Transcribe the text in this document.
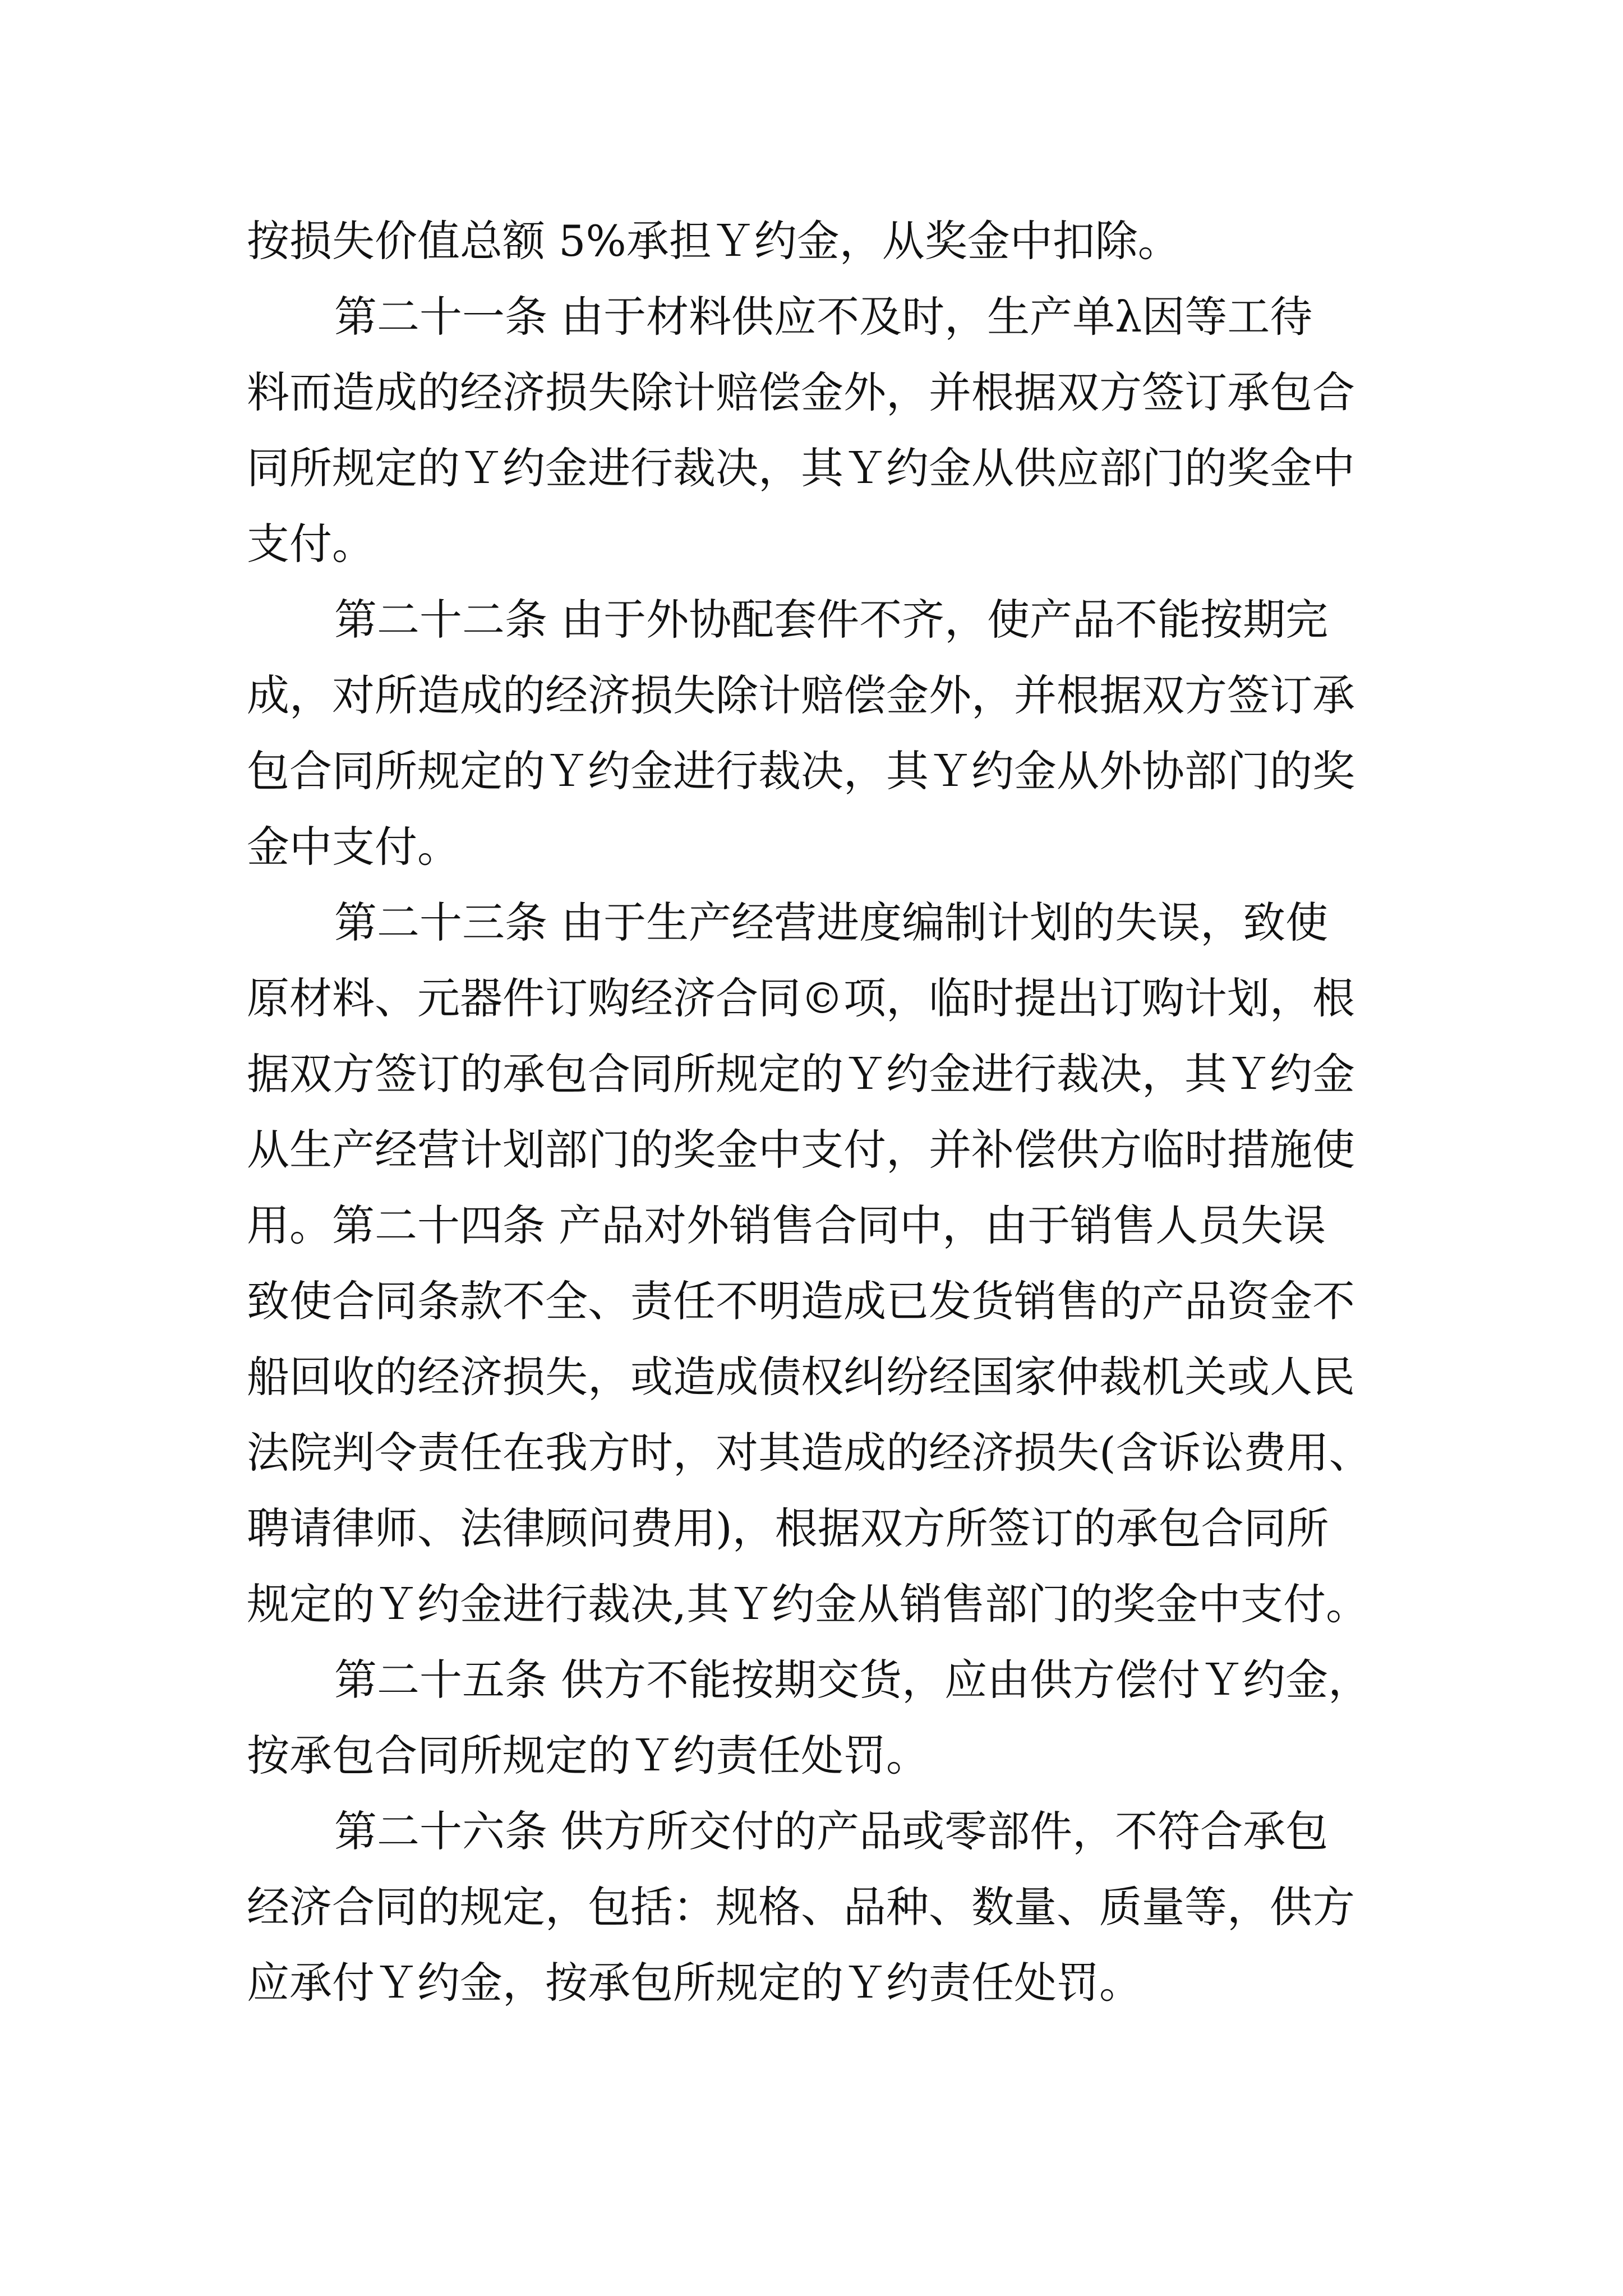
按损失价值总额 5%承担Ｙ约金，从奖金中扣除。

第二十一条 由于材料供应不及时，生产单λ因等工待

料而造成的经济损失除计赔偿金外，并根据双方签订承包合

同所规定的Ｙ约金进行裁决，其Ｙ约金从供应部门的奖金中

支付。

第二十二条 由于外协配套件不齐，使产品不能按期完

成，对所造成的经济损失除计赔偿金外，并根据双方签订承

包合同所规定的Ｙ约金进行裁决，其Ｙ约金从外协部门的奖

金中支付。

第二十三条 由于生产经营进度编制计划的失误，致使

原材料、元器件订购经济合同©项，临时提出订购计划，根

据双方签订的承包合同所规定的Ｙ约金进行裁决，其Ｙ约金

从生产经营计划部门的奖金中支付，并补偿供方临时措施使

用。第二十四条 产品对外销售合同中，由于销售人员失误

致使合同条款不全、责任不明造成已发货销售的产品资金不

船回收的经济损失，或造成债权纠纷经国家仲裁机关或人民

法院判令责任在我方时，对其造成的经济损失(含诉讼费用、

聘请律师、法律顾问费用)，根据双方所签订的承包合同所

规定的Ｙ约金进行裁决,其Ｙ约金从销售部门的奖金中支付。

第二十五条 供方不能按期交货，应由供方偿付Ｙ约金，

按承包合同所规定的Ｙ约责任处罚。

第二十六条 供方所交付的产品或零部件，不符合承包

经济合同的规定，包括：规格、品种、数量、质量等，供方

应承付Ｙ约金，按承包所规定的Ｙ约责任处罚。
